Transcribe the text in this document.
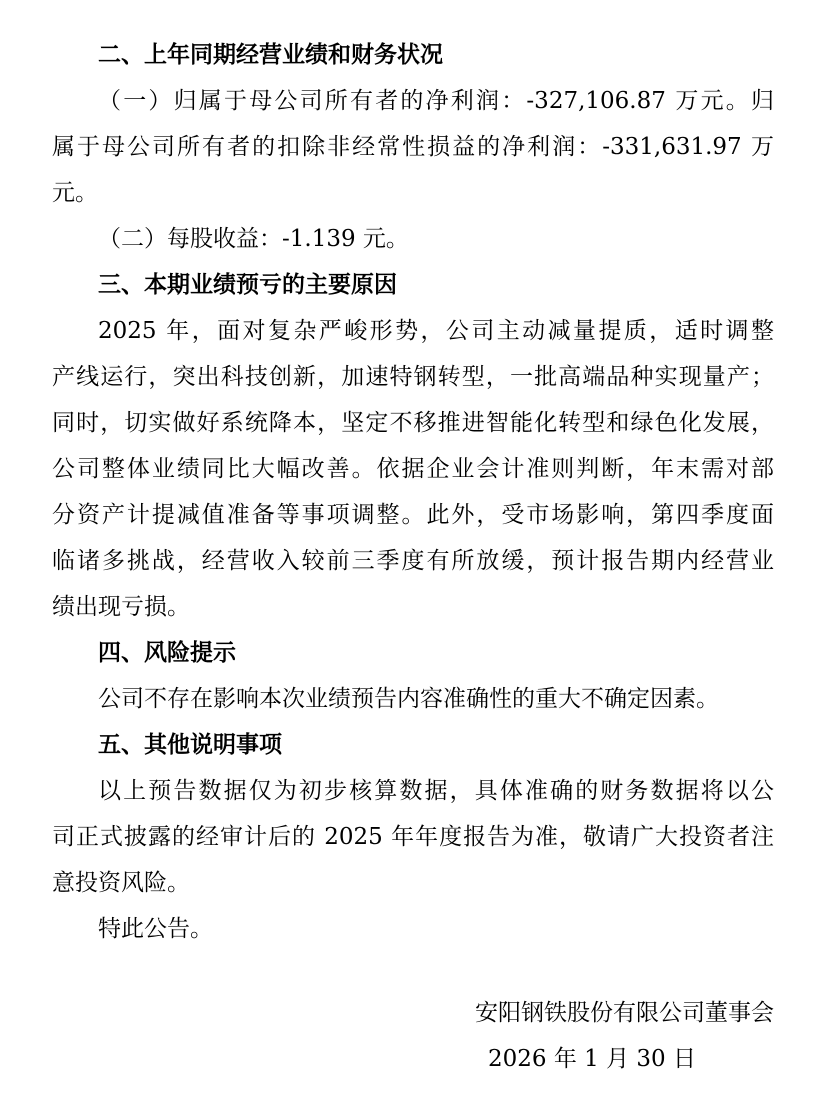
二、上年同期经营业绩和财务状况
（一）归属于母公司所有者的净利润：-327,106.87 万元。归
属于母公司所有者的扣除非经常性损益的净利润：-331,631.97 万
元。
（二）每股收益：-1.139 元。
三、本期业绩预亏的主要原因
2025 年，面对复杂严峻形势，公司主动减量提质，适时调整
产线运行，突出科技创新，加速特钢转型，一批高端品种实现量产；
同时，切实做好系统降本，坚定不移推进智能化转型和绿色化发展，
公司整体业绩同比大幅改善。依据企业会计准则判断，年末需对部
分资产计提减值准备等事项调整。此外，受市场影响，第四季度面
临诸多挑战，经营收入较前三季度有所放缓，预计报告期内经营业
绩出现亏损。
四、风险提示
公司不存在影响本次业绩预告内容准确性的重大不确定因素。
五、其他说明事项
以上预告数据仅为初步核算数据，具体准确的财务数据将以公
司正式披露的经审计后的 2025 年年度报告为准，敬请广大投资者注
意投资风险。
特此公告。
安阳钢铁股份有限公司董事会
2026 年 1 月 30 日
